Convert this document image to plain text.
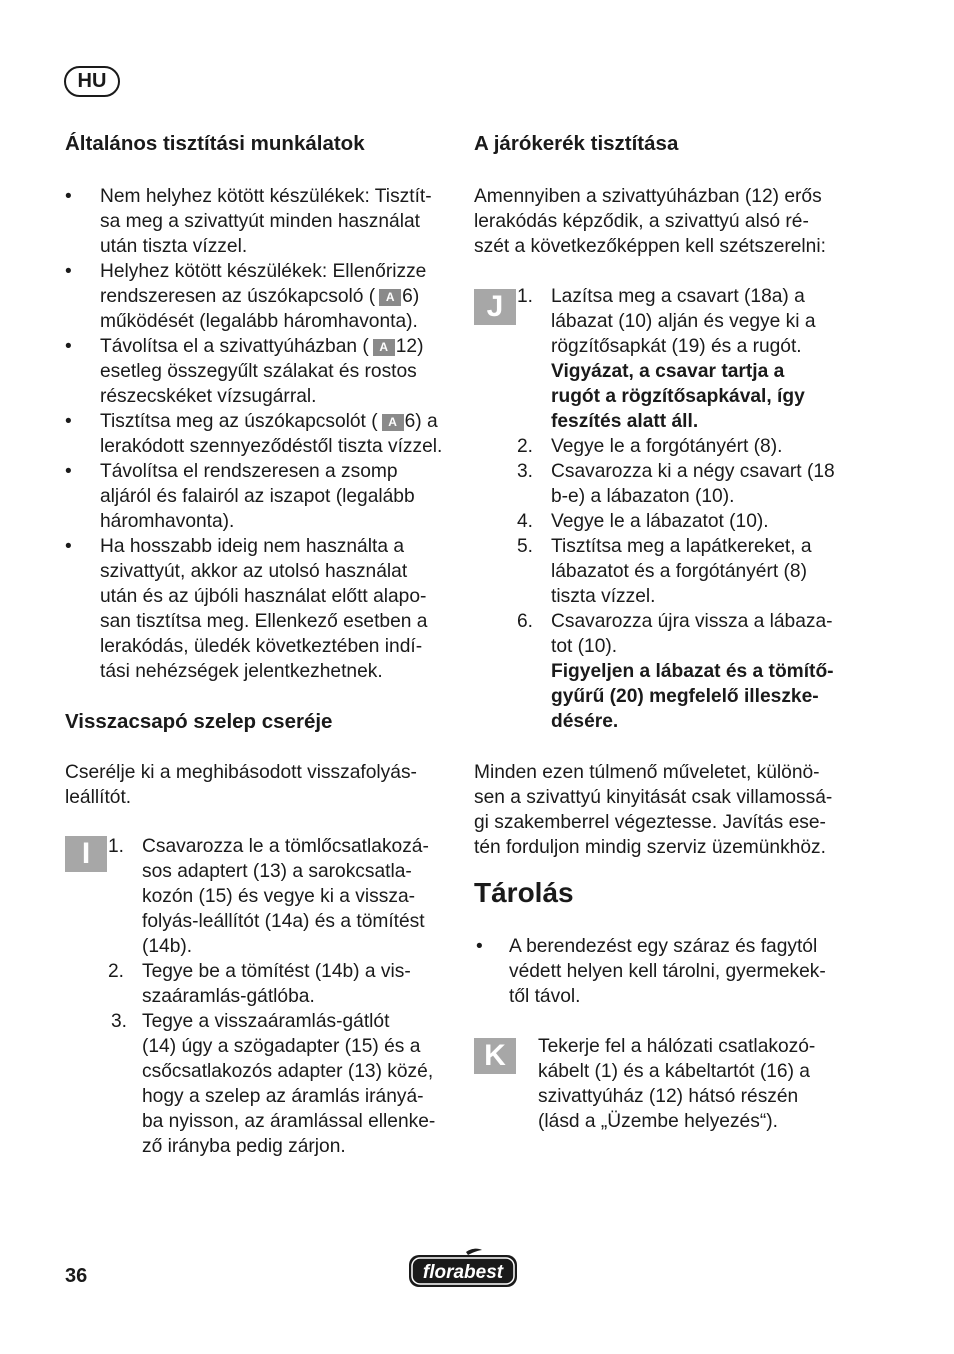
HU
Általános tisztítási munkálatok
• Nem helyhez kötött készülékek: Tisztít-
sa meg a szivattyút minden használat
után tiszta vízzel.
• Helyhez kötött készülékek: Ellenőrizze
rendszeresen az úszókapcsoló ( A 6)
működését (legalább háromhavonta).
• Távolítsa el a szivattyúházban ( A 12)
esetleg összegyűlt szálakat és rostos
részecskéket vízsugárral.
• Tisztítsa meg az úszókapcsolót ( A 6) a
lerakódott szennyeződéstől tiszta vízzel.
• Távolítsa el rendszeresen a zsomp
aljáról és falairól az iszapot (legalább
háromhavonta).
• Ha hosszabb ideig nem használta a
szivattyút, akkor az utolsó használat
után és az újbóli használat előtt alapo-
san tisztítsa meg. Ellenkező esetben a
lerakódás, üledék következtében indí-
tási nehézségek jelentkezhetnek.
Visszacsapó szelep cseréje
Cserélje ki a meghibásodott visszafolyás-
leállítót.
I 1. Csavarozza le a tömlőcsatlakozá-
sos adaptert (13) a sarokcsatla-
kozón (15) és vegye ki a vissza-
folyás-leállítót (14a) és a tömítést
(14b).
2. Tegye be a tömítést (14b) a vis-
szaáramlás-gátlóba.
3. Tegye a visszaáramlás-gátlót
(14) úgy a szögadapter (15) és a
csőcsatlakozós adapter (13) közé,
hogy a szelep az áramlás irányá-
ba nyisson, az áramlással ellenke-
ző irányba pedig zárjon.
A járókerék tisztítása
Amennyiben a szivattyúházban (12) erős
lerakódás képződik, a szivattyú alsó ré-
szét a következőképpen kell szétszerelni:
J 1. Lazítsa meg a csavart (18a) a
lábazat (10) alján és vegye ki a
rögzítősapkát (19) és a rugót.
Vigyázat, a csavar tartja a
rugót a rögzítősapkával, így
feszítés alatt áll.
2. Vegye le a forgótányért (8).
3. Csavarozza ki a négy csavart (18
b-e) a lábazaton (10).
4. Vegye le a lábazatot (10).
5. Tisztítsa meg a lapátkereket, a
lábazatot és a forgótányért (8)
tiszta vízzel.
6. Csavarozza újra vissza a lábaza-
tot (10).
Figyeljen a lábazat és a tömítő-
gyűrű (20) megfelelő illeszke-
désére.
Minden ezen túlmenő műveletet, különö-
sen a szivattyú kinyitását csak villamossá-
gi szakemberrel végeztesse. Javítás ese-
tén forduljon mindig szerviz üzemünkhöz.
Tárolás
• A berendezést egy száraz és fagytól
védett helyen kell tárolni, gyermekek-
től távol.
K	Tekerje fel a hálózati csatlakozó-
kábelt (1) és a kábeltartót (16) a
szivattyúház (12) hátsó részén
(lásd a „Üzembe helyezés“).
36	florabest
